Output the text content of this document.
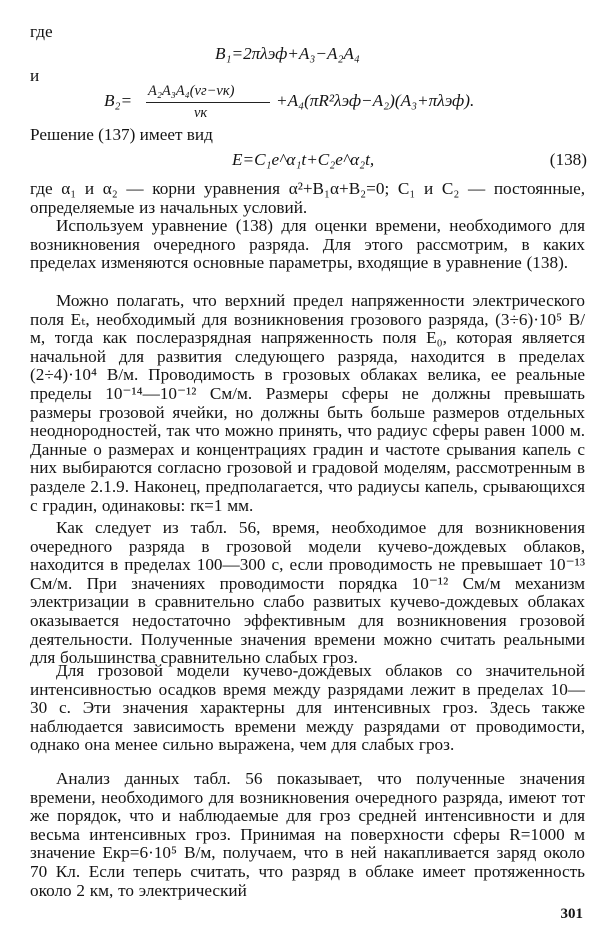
где
B₁=2πλэф+A₃−A₂A₄
и
B₂= A₂A₃A₄(vг−vк)
vк
+A₄(πR²λэф−A₂)(A₃+πλэф).
Решение (137) имеет вид
E=C₁e^α₁t+C₂e^α₂t,	(138)

где α₁ и α₂ — корни уравнения α²+B₁α+B₂=0; C₁ и C₂ — постоянные, определяемые из начальных условий.

Используем уравнение (138) для оценки времени, необходимого для возникновения очередного разряда. Для этого рассмотрим, в каких пределах изменяются основные параметры, входящие в уравнение (138).

Можно полагать, что верхний предел напряженности электрического поля Eₜ, необходимый для возникновения грозового разряда, (3÷6)·10⁵ В/м, тогда как послеразрядная напряженность поля E₀, которая является начальной для развития следующего разряда, находится в пределах (2÷4)·10⁴ В/м. Проводимость в грозовых облаках велика, ее реальные пределы 10⁻¹⁴—10⁻¹² См/м. Размеры сферы не должны превышать размеры грозовой ячейки, но должны быть больше размеров отдельных неоднородностей, так что можно принять, что радиус сферы равен 1000 м. Данные о размерах и концентрациях градин и частоте срывания капель с них выбираются согласно грозовой и градовой моделям, рассмотренным в разделе 2.1.9. Наконец, предполагается, что радиусы капель, срывающихся с градин, одинаковы: rк=1 мм.

Как следует из табл. 56, время, необходимое для возникновения очередного разряда в грозовой модели кучево-дождевых облаков, находится в пределах 100—300 с, если проводимость не превышает 10⁻¹³ См/м. При значениях проводимости порядка 10⁻¹² См/м механизм электризации в сравнительно слабо развитых кучево-дождевых облаках оказывается недостаточно эффективным для возникновения грозовой деятельности. Полученные значения времени можно считать реальными для большинства сравнительно слабых гроз.

Для грозовой модели кучево-дождевых облаков со значительной интенсивностью осадков время между разрядами лежит в пределах 10—30 с. Эти значения характерны для интенсивных гроз. Здесь также наблюдается зависимость времени между разрядами от проводимости, однако она менее сильно выражена, чем для слабых гроз.

Анализ данных табл. 56 показывает, что полученные значения времени, необходимого для возникновения очередного разряда, имеют тот же порядок, что и наблюдаемые для гроз средней интенсивности и для весьма интенсивных гроз. Принимая на поверхности сферы R=1000 м значение Eкр=6·10⁵ В/м, получаем, что в ней накапливается заряд около 70 Кл. Если теперь считать, что разряд в облаке имеет протяженность около 2 км, то электрический

301
